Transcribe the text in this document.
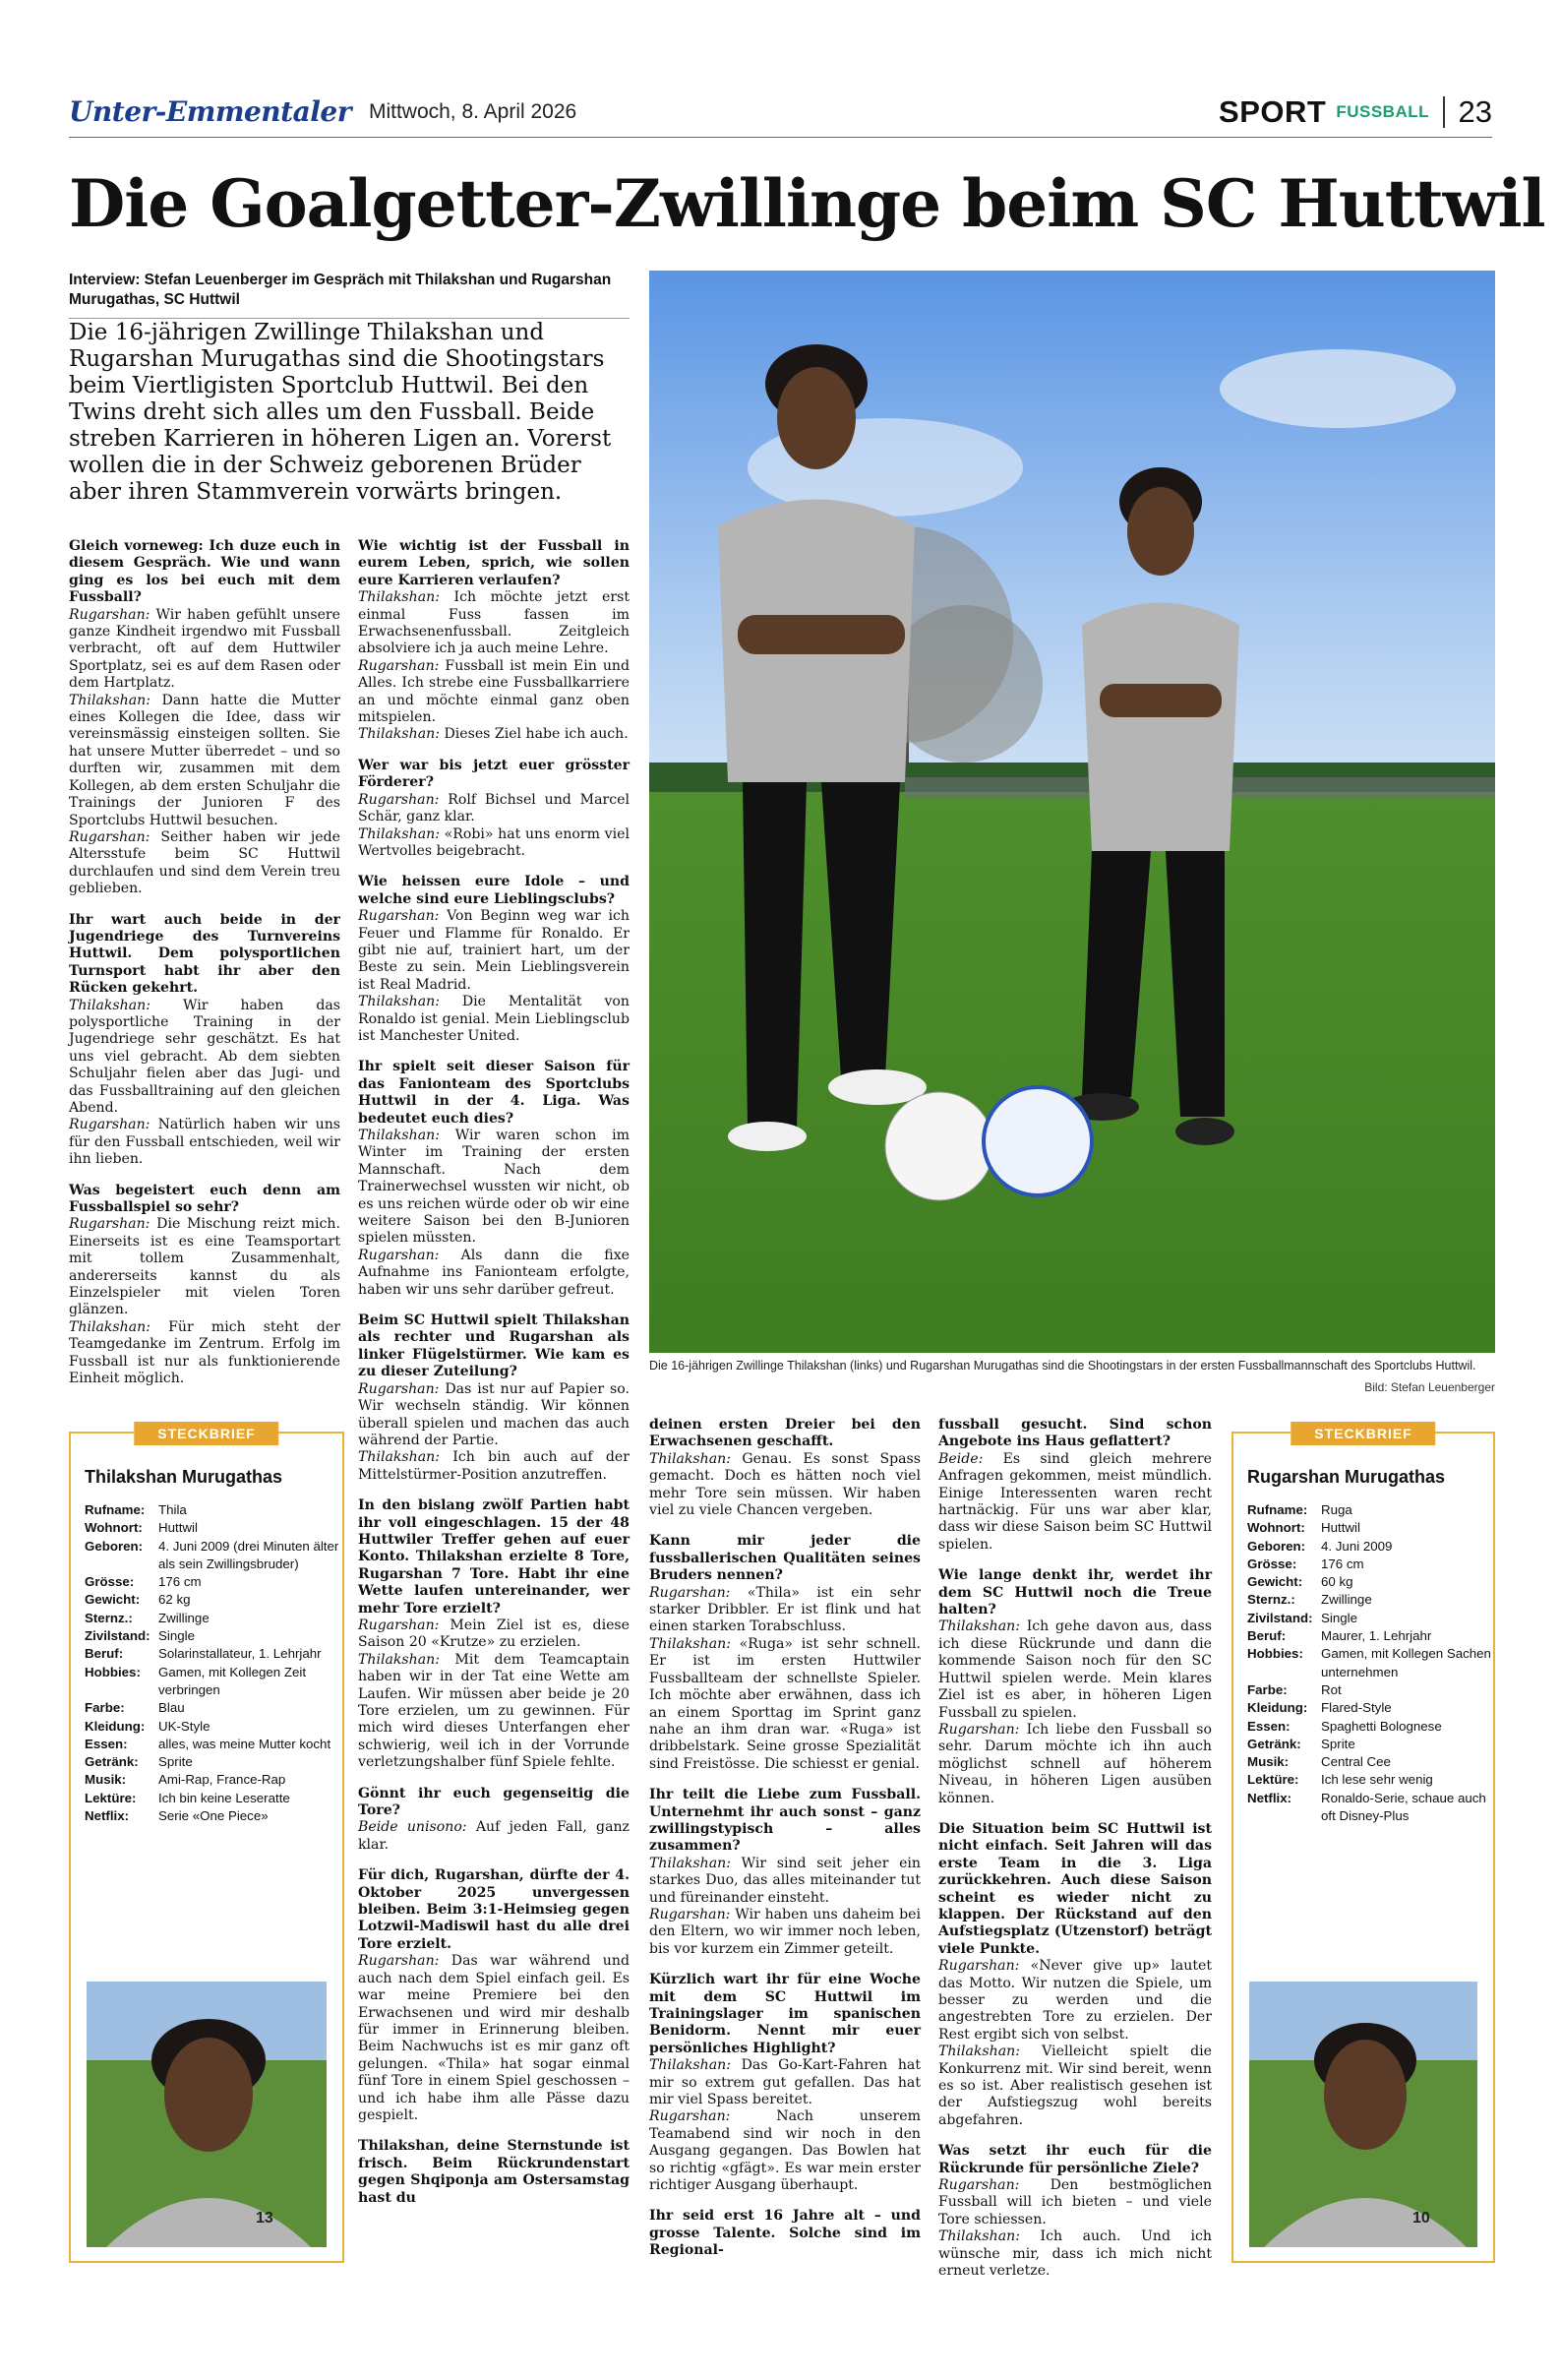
Unter-Emmentaler Mittwoch, 8. April 2026	SPORT FUSSBALL 23
Die Goalgetter-Zwillinge beim SC Huttwil
Interview: Stefan Leuenberger im Gespräch mit Thilakshan und Rugarshan Murugathas, SC Huttwil
Die 16-jährigen Zwillinge Thilakshan und Rugarshan Murugathas sind die Shootingstars beim Viertligisten Sportclub Huttwil. Bei den Twins dreht sich alles um den Fussball. Beide streben Karrieren in höheren Ligen an. Vorerst wollen die in der Schweiz geborenen Brüder aber ihren Stammverein vorwärts bringen.

Gleich vorneweg: Ich duze euch in diesem Gespräch. Wie und wann ging es los bei euch mit dem Fussball?

Rugarshan: Wir haben gefühlt unsere ganze Kindheit irgendwo mit Fussball verbracht, oft auf dem Huttwiler Sportplatz, sei es auf dem Rasen oder dem Hartplatz.

Thilakshan: Dann hatte die Mutter eines Kollegen die Idee, dass wir vereinsmässig einsteigen sollten. Sie hat unsere Mutter überredet – und so durften wir, zusammen mit dem Kollegen, ab dem ersten Schuljahr die Trainings der Junioren F des Sportclubs Huttwil besuchen.

Rugarshan: Seither haben wir jede Altersstufe beim SC Huttwil durchlaufen und sind dem Verein treu geblieben.

Ihr wart auch beide in der Jugendriege des Turnvereins Huttwil. Dem polysportlichen Turnsport habt ihr aber den Rücken gekehrt.

Thilakshan: Wir haben das polysportliche Training in der Jugendriege sehr geschätzt. Es hat uns viel gebracht. Ab dem siebten Schuljahr fielen aber das Jugi- und das Fussballtraining auf den gleichen Abend.

Rugarshan: Natürlich haben wir uns für den Fussball entschieden, weil wir ihn lieben.

Was begeistert euch denn am Fussballspiel so sehr?

Rugarshan: Die Mischung reizt mich. Einerseits ist es eine Teamsportart mit tollem Zusammenhalt, andererseits kannst du als Einzelspieler mit vielen Toren glänzen.

Thilakshan: Für mich steht der Teamgedanke im Zentrum. Erfolg im Fussball ist nur als funktionierende Einheit möglich.

Wie wichtig ist der Fussball in eurem Leben, sprich, wie sollen eure Karrieren verlaufen?

Thilakshan: Ich möchte jetzt erst einmal Fuss fassen im Erwachsenenfussball. Zeitgleich absolviere ich ja auch meine Lehre.

Rugarshan: Fussball ist mein Ein und Alles. Ich strebe eine Fussballkarriere an und möchte einmal ganz oben mitspielen.

Thilakshan: Dieses Ziel habe ich auch.

Wer war bis jetzt euer grösster Förderer?

Rugarshan: Rolf Bichsel und Marcel Schär, ganz klar.

Thilakshan: «Robi» hat uns enorm viel Wertvolles beigebracht.

Wie heissen eure Idole – und welche sind eure Lieblingsclubs?

Rugarshan: Von Beginn weg war ich Feuer und Flamme für Ronaldo. Er gibt nie auf, trainiert hart, um der Beste zu sein. Mein Lieblingsverein ist Real Madrid.

Thilakshan: Die Mentalität von Ronaldo ist genial. Mein Lieblingsclub ist Manchester United.

Ihr spielt seit dieser Saison für das Fanionteam des Sportclubs Huttwil in der 4. Liga. Was bedeutet euch dies?

Thilakshan: Wir waren schon im Winter im Training der ersten Mannschaft. Nach dem Trainerwechsel wussten wir nicht, ob es uns reichen würde oder ob wir eine weitere Saison bei den B-Junioren spielen müssten.

Rugarshan: Als dann die fixe Aufnahme ins Fanionteam erfolgte, haben wir uns sehr darüber gefreut.

Beim SC Huttwil spielt Thilakshan als rechter und Rugarshan als linker Flügelstürmer. Wie kam es zu dieser Zuteilung?

Rugarshan: Das ist nur auf Papier so. Wir wechseln ständig. Wir können überall spielen und machen das auch während der Partie.

Thilakshan: Ich bin auch auf der Mittelstürmer-Position anzutreffen.

In den bislang zwölf Partien habt ihr voll eingeschlagen. 15 der 48 Huttwiler Treffer gehen auf euer Konto. Thilakshan erzielte 8 Tore, Rugarshan 7 Tore. Habt ihr eine Wette laufen untereinander, wer mehr Tore erzielt?

Rugarshan: Mein Ziel ist es, diese Saison 20 «Krutze» zu erzielen.

Thilakshan: Mit dem Teamcaptain haben wir in der Tat eine Wette am Laufen. Wir müssen aber beide je 20 Tore erzielen, um zu gewinnen. Für mich wird dieses Unterfangen eher schwierig, weil ich in der Vorrunde verletzungshalber fünf Spiele fehlte.

Gönnt ihr euch gegenseitig die Tore?

Beide unisono: Auf jeden Fall, ganz klar.

Für dich, Rugarshan, dürfte der 4. Oktober 2025 unvergessen bleiben. Beim 3:1-Heimsieg gegen Lotzwil-Madiswil hast du alle drei Tore erzielt.

Rugarshan: Das war während und auch nach dem Spiel einfach geil. Es war meine Premiere bei den Erwachsenen und wird mir deshalb für immer in Erinnerung bleiben. Beim Nachwuchs ist es mir ganz oft gelungen. «Thila» hat sogar einmal fünf Tore in einem Spiel geschossen – und ich habe ihm alle Pässe dazu gespielt.

Thilakshan, deine Sternstunde ist frisch. Beim Rückrundenstart gegen Shqiponja am Ostersamstag hast du

deinen ersten Dreier bei den Erwachsenen geschafft.

Thilakshan: Genau. Es sonst Spass gemacht. Doch es hätten noch viel mehr Tore sein müssen. Wir haben viel zu viele Chancen vergeben.

Kann mir jeder die fussballerischen Qualitäten seines Bruders nennen?

Rugarshan: «Thila» ist ein sehr starker Dribbler. Er ist flink und hat einen starken Torabschluss.

Thilakshan: «Ruga» ist sehr schnell. Er ist im ersten Huttwiler Fussballteam der schnellste Spieler. Ich möchte aber erwähnen, dass ich an einem Sporttag im Sprint ganz nahe an ihm dran war. «Ruga» ist dribbelstark. Seine grosse Spezialität sind Freistösse. Die schiesst er genial.

Ihr teilt die Liebe zum Fussball. Unternehmt ihr auch sonst – ganz zwillingstypisch – alles zusammen?

Thilakshan: Wir sind seit jeher ein starkes Duo, das alles miteinander tut und füreinander einsteht.

Rugarshan: Wir haben uns daheim bei den Eltern, wo wir immer noch leben, bis vor kurzem ein Zimmer geteilt.

Kürzlich wart ihr für eine Woche mit dem SC Huttwil im Trainingslager im spanischen Benidorm. Nennt mir euer persönliches Highlight?

Thilakshan: Das Go-Kart-Fahren hat mir so extrem gut gefallen. Das hat mir viel Spass bereitet.

Rugarshan: Nach unserem Teamabend sind wir noch in den Ausgang gegangen. Das Bowlen hat so richtig «gfägt». Es war mein erster richtiger Ausgang überhaupt.

Ihr seid erst 16 Jahre alt – und grosse Talente. Solche sind im Regional-

fussball gesucht. Sind schon Angebote ins Haus geflattert?

Beide: Es sind gleich mehrere Anfragen gekommen, meist mündlich. Einige Interessenten waren recht hartnäckig. Für uns war aber klar, dass wir diese Saison beim SC Huttwil spielen.

Wie lange denkt ihr, werdet ihr dem SC Huttwil noch die Treue halten?

Thilakshan: Ich gehe davon aus, dass ich diese Rückrunde und dann die kommende Saison noch für den SC Huttwil spielen werde. Mein klares Ziel ist es aber, in höheren Ligen Fussball zu spielen.

Rugarshan: Ich liebe den Fussball so sehr. Darum möchte ich ihn auch möglichst schnell auf höherem Niveau, in höheren Ligen ausüben können.

Die Situation beim SC Huttwil ist nicht einfach. Seit Jahren will das erste Team in die 3. Liga zurückkehren. Auch diese Saison scheint es wieder nicht zu klappen. Der Rückstand auf den Aufstiegsplatz (Utzenstorf) beträgt viele Punkte.

Rugarshan: «Never give up» lautet das Motto. Wir nutzen die Spiele, um besser zu werden und die angestrebten Tore zu erzielen. Der Rest ergibt sich von selbst.

Thilakshan: Vielleicht spielt die Konkurrenz mit. Wir sind bereit, wenn es so ist. Aber realistisch gesehen ist der Aufstiegszug wohl bereits abgefahren.

Was setzt ihr euch für die Rückrunde für persönliche Ziele?

Rugarshan: Den bestmöglichen Fussball will ich bieten – und viele Tore schiessen.

Thilakshan: Ich auch. Und ich wünsche mir, dass ich mich nicht erneut verletze.

Die 16-jährigen Zwillinge Thilakshan (links) und Rugarshan Murugathas sind die Shootingstars in der ersten Fussballmannschaft des Sportclubs Huttwil.
Bild: Stefan Leuenberger
STECKBRIEF
Thilakshan Murugathas
Rufname:	Thila
Wohnort:	Huttwil
Geboren:	4. Juni 2009 (drei Minuten älter als sein Zwillingsbruder)
Grösse:	176 cm
Gewicht:	62 kg
Sternz.:	Zwillinge
Zivilstand: Single
Beruf:	Solarinstallateur, 1. Lehrjahr
Hobbies:	Gamen, mit Kollegen Zeit verbringen
Farbe:	Blau
Kleidung:	UK-Style
Essen:	alles, was meine Mutter kocht
Getränk:	Sprite
Musik:	Ami-Rap, France-Rap
Lektüre:	Ich bin keine Leseratte
Netflix:	Serie «One Piece»
13
STECKBRIEF
Rugarshan Murugathas
Rufname:	Ruga
Wohnort:	Huttwil
Geboren:	4. Juni 2009
Grösse:	176 cm
Gewicht:	60 kg
Sternz.:	Zwillinge
Zivilstand: Single
Beruf:	Maurer, 1. Lehrjahr
Hobbies:	Gamen, mit Kollegen Sachen unternehmen
Farbe:	Rot
Kleidung:	Flared-Style
Essen:	Spaghetti Bolognese
Getränk:	Sprite
Musik:	Central Cee
Lektüre:	Ich lese sehr wenig
Netflix:	Ronaldo-Serie, schaue auch oft Disney-Plus
10
